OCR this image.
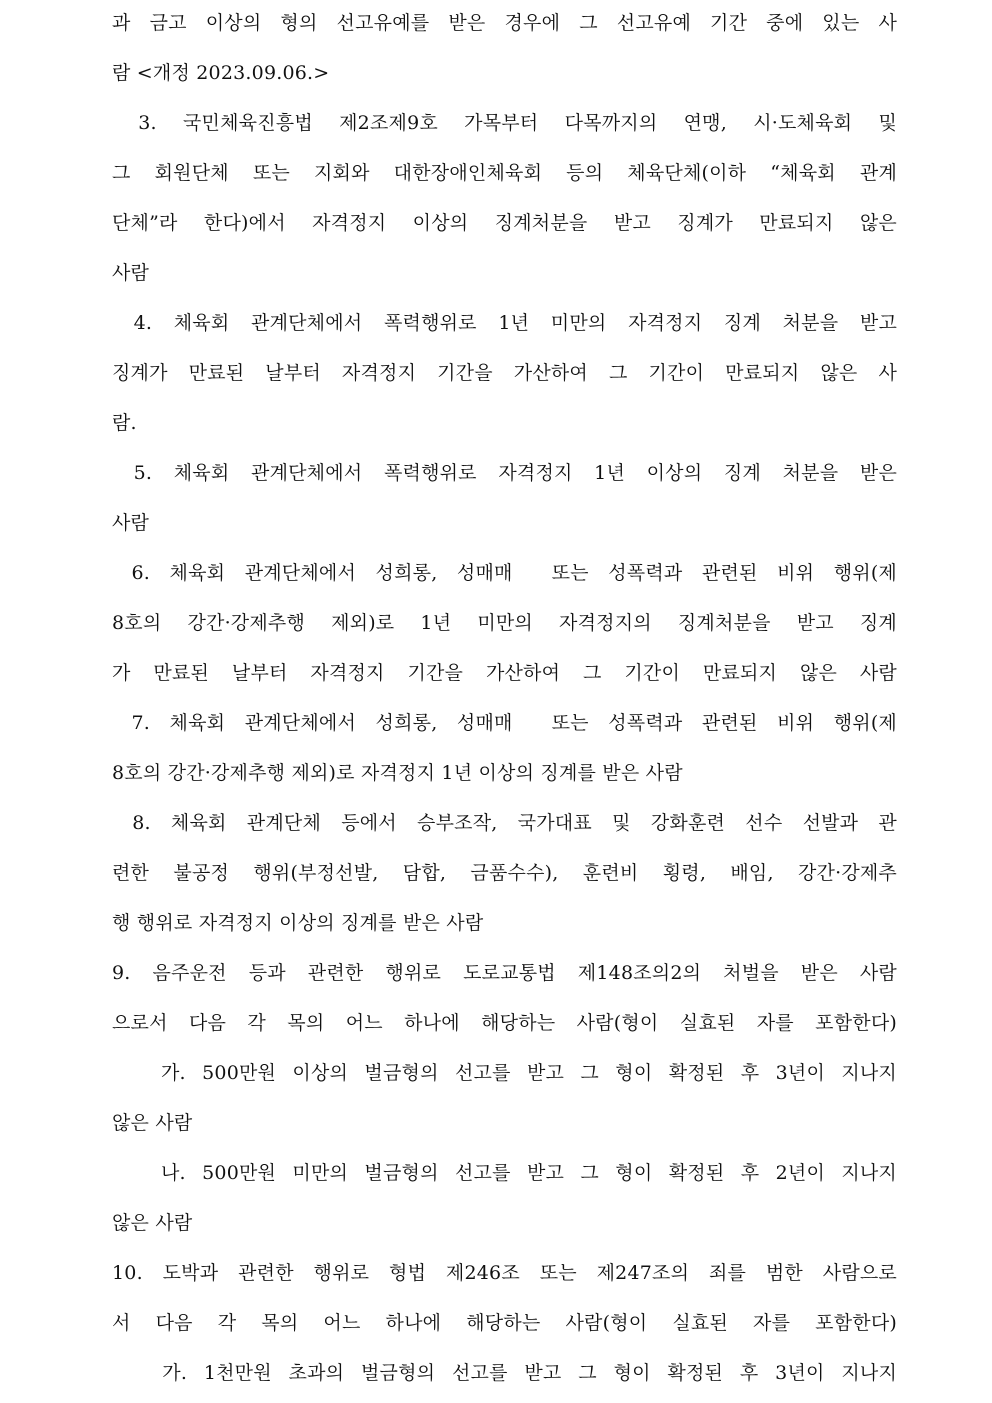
과 금고 이상의 형의 선고유예를 받은 경우에 그 선고유예 기간 중에 있는 사
람 <개정 2023.09.06.>
3. 국민체육진흥법 제2조제9호 가목부터 다목까지의 연맹, 시·도체육회 및
그 회원단체 또는 지회와 대한장애인체육회 등의 체육단체(이하 “체육회 관계
단체”라 한다)에서 자격정지 이상의 징계처분을 받고 징계가 만료되지 않은
사람
4. 체육회 관계단체에서 폭력행위로 1년 미만의 자격정지 징계 처분을 받고
징계가 만료된 날부터 자격정지 기간을 가산하여 그 기간이 만료되지 않은 사
람.
5. 체육회 관계단체에서 폭력행위로 자격정지 1년 이상의 징계 처분을 받은
사람
6. 체육회 관계단체에서 성희롱, 성매매  또는 성폭력과 관련된 비위 행위(제
8호의 강간·강제추행 제외)로 1년 미만의 자격정지의 징계처분을 받고 징계
가 만료된 날부터 자격정지 기간을 가산하여 그 기간이 만료되지 않은 사람
7. 체육회 관계단체에서 성희롱, 성매매  또는 성폭력과 관련된 비위 행위(제
8호의 강간·강제추행 제외)로 자격정지 1년 이상의 징계를 받은 사람
8. 체육회 관계단체 등에서 승부조작, 국가대표 및 강화훈련 선수 선발과 관
련한 불공정 행위(부정선발, 담합, 금품수수), 훈련비 횡령, 배임, 강간·강제추
행 행위로 자격정지 이상의 징계를 받은 사람
9. 음주운전 등과 관련한 행위로 도로교통법 제148조의2의 처벌을 받은 사람
으로서 다음 각 목의 어느 하나에 해당하는 사람(형이 실효된 자를 포함한다)
가. 500만원 이상의 벌금형의 선고를 받고 그 형이 확정된 후 3년이 지나지
않은 사람
나. 500만원 미만의 벌금형의 선고를 받고 그 형이 확정된 후 2년이 지나지
않은 사람
10. 도박과 관련한 행위로 형법 제246조 또는 제247조의 죄를 범한 사람으로
서 다음 각 목의 어느 하나에 해당하는 사람(형이 실효된 자를 포함한다)
가. 1천만원 초과의 벌금형의 선고를 받고 그 형이 확정된 후 3년이 지나지
